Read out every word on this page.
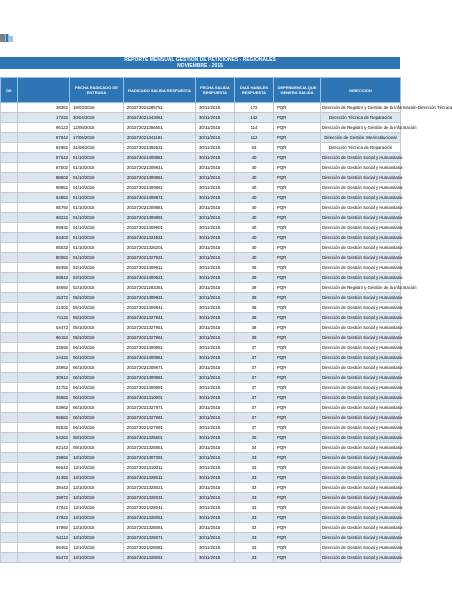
REPORTE MENSUAL GESTION DE PETICIONES - REGIONALES
NOVIEMBRE - 2015
DE		FECHA RADICADO DE ENTRADA	RADICADO SALIDA RESPUESTA	FECHA SALIDA RESPUESTA	DIAS HABILES RESPUESTA	DEPENDENCIA QUE GENERA SALIDA	DIRECCION
	38362	18/03/2015	201572021285751	30/11/2015	172	PQR	Dirección de Registro y Gestión de la Información-Dirección Técnica
	17232	30/04/2015	201572021343061	30/11/2015	142	PQR	Dirección Técnica de Reparación
	96122	12/06/2015	201572021356551	30/11/2015	114	PQR	Dirección de Registro y Gestión de la Información
	87842	17/06/2015	201572021341181	30/11/2015	112	PQR	Dirección de Gestión Interinstitucional
	82962	31/08/2015	201572021355531	30/11/2015	63	PQR	Dirección Técnica de Reparación
	87542	01/10/2015	201572021309881	30/11/2015	40	PQR	Dirección de Gestión Social y Humanitaria
	87502	01/10/2015	201572021309841	30/11/2015	40	PQR	Dirección de Gestión Social y Humanitaria
	88602	01/10/2015	201572021309851	30/11/2015	40	PQR	Dirección de Gestión Social y Humanitaria
	88852	01/10/2015	201572021309861	30/11/2015	40	PQR	Dirección de Gestión Social y Humanitaria
	84862	01/10/2015	201572021309871	30/11/2015	40	PQR	Dirección de Gestión Social y Humanitaria
	85792	01/10/2015	201572021309881	30/11/2015	40	PQR	Dirección de Gestión Social y Humanitaria
	88222	01/10/2015	201572021309891	30/11/2015	40	PQR	Dirección de Gestión Social y Humanitaria
	89932	01/10/2015	201572021309901	30/11/2015	40	PQR	Dirección de Gestión Social y Humanitaria
	84402	01/10/2015	201572021324931	30/11/2015	40	PQR	Dirección de Gestión Social y Humanitaria
	85532	01/10/2015	201572021328201	30/11/2015	40	PQR	Dirección de Gestión Social y Humanitaria
	80082	01/10/2015	201572021327931	30/11/2015	40	PQR	Dirección de Gestión Social y Humanitaria
	88392	02/10/2015	201572021309911	30/11/2015	39	PQR	Dirección de Gestión Social y Humanitaria
	89842	02/10/2015	201572021309921	30/11/2015	39	PQR	Dirección de Gestión Social y Humanitaria
	48692	02/10/2015	201572021283361	30/11/2015	39	PQR	Dirección de Registro y Gestión de la Información
	15372	05/10/2015	201572021309931	30/11/2015	38	PQR	Dirección de Gestión Social y Humanitaria
	21002	05/10/2015	201572021309941	30/11/2015	38	PQR	Dirección de Gestión Social y Humanitaria
	71132	05/10/2015	201572021327941	30/11/2015	38	PQR	Dirección de Gestión Social y Humanitaria
	54472	05/10/2015	201572021327951	30/11/2015	38	PQR	Dirección de Gestión Social y Humanitaria
	96152	05/10/2015	201572021327961	30/11/2015	38	PQR	Dirección de Gestión Social y Humanitaria
	23592	06/10/2015	201572021309951	30/11/2015	37	PQR	Dirección de Gestión Social y Humanitaria
	24432	06/10/2015	201572021309961	30/11/2015	37	PQR	Dirección de Gestión Social y Humanitaria
	25952	06/10/2015	201572021309971	30/11/2015	37	PQR	Dirección de Gestión Social y Humanitaria
	30612	06/10/2015	201572021309981	30/11/2015	37	PQR	Dirección de Gestión Social y Humanitaria
	31752	06/10/2015	201572021309991	30/11/2015	37	PQR	Dirección de Gestión Social y Humanitaria
	36682	06/10/2015	201572021310001	30/11/2015	37	PQR	Dirección de Gestión Social y Humanitaria
	53962	06/10/2015	201572021327971	30/11/2015	37	PQR	Dirección de Gestión Social y Humanitaria
	55582	06/10/2015	201572021327981	30/11/2015	37	PQR	Dirección de Gestión Social y Humanitaria
	55532	06/10/2015	201572021327991	30/11/2015	37	PQR	Dirección de Gestión Social y Humanitaria
	54262	08/10/2015	201572021325501	30/11/2015	35	PQR	Dirección de Gestión Social y Humanitaria
	82142	09/10/2015	201572021326851	30/11/2015	34	PQR	Dirección de Gestión Social y Humanitaria
	29892	13/10/2015	201572021307391	30/11/2015	33	PQR	Dirección de Gestión Social y Humanitaria
	86542	13/10/2015	201572021310011	30/11/2015	33	PQR	Dirección de Gestión Social y Humanitaria
	31392	13/10/2015	201572021328011	30/11/2015	33	PQR	Dirección de Gestión Social y Humanitaria
	38442	13/10/2015	201572021328021	30/11/2015	33	PQR	Dirección de Gestión Social y Humanitaria
	39972	13/10/2015	201572021328031	30/11/2015	33	PQR	Dirección de Gestión Social y Humanitaria
	47822	13/10/2015	201572021328041	30/11/2015	33	PQR	Dirección de Gestión Social y Humanitaria
	47922	13/10/2015	201572021328051	30/11/2015	33	PQR	Dirección de Gestión Social y Humanitaria
	47992	13/10/2015	201572021328061	30/11/2015	33	PQR	Dirección de Gestión Social y Humanitaria
	54112	13/10/2015	201572021328071	30/11/2015	33	PQR	Dirección de Gestión Social y Humanitaria
	55452	13/10/2015	201572021328081	30/11/2015	33	PQR	Dirección de Gestión Social y Humanitaria
	55472	13/10/2015	201572021328091	30/11/2015	33	PQR	Dirección de Gestión Social y Humanitaria
